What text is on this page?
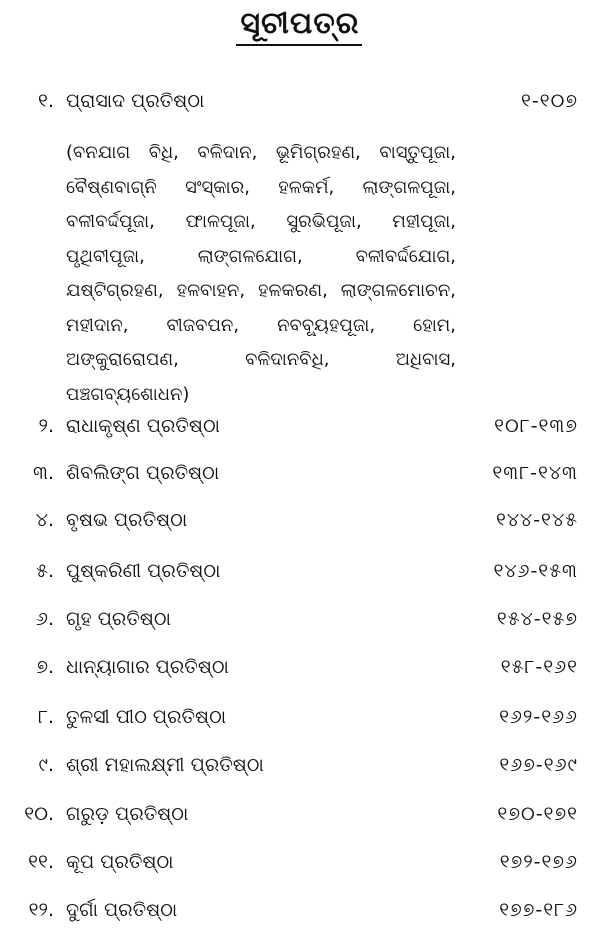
ସୂଚୀପତ୍ର
୧. ପ୍ରାସାଦ ପ୍ରତିଷ୍ଠା	୧-୧୦୭

(ବନଯାଗ ବିଧି, ବଳିଦାନ, ଭୂମିଗ୍ରହଣ, ବାସ୍ତୁପୂଜା, ବୈଷ୍ଣବାଗ୍ନି ସଂସ୍କାର, ହଳକର୍ମ, ଲାଙ୍ଗଳପୂଜା, ବଳୀବର୍ଦ୍ଦପୂଜା, ଫାଳପୂଜା, ସୁରଭିପୂଜା, ମହୀପୂଜା, ପୃଥିବୀପୂଜା, ଲାଙ୍ଗଳଯୋଗ, ବଳୀବର୍ଦ୍ଦଯୋଗ, ଯଷ୍ଟିଗ୍ରହଣ, ହଳବାହନ, ହଳକରଣ, ଲାଙ୍ଗଳମୋଚନ, ମହୀଦାନ, ବୀଜବପନ, ନବବ୍ୟୂହପୂଜା, ହୋମ, ଅଙ୍କୁରାରୋପଣ, ବଳିଦାନବିଧି, ଅଧିବାସ, ପଞ୍ଚଗବ୍ୟଶୋଧନ)

୨. ରାଧାକୃଷ୍ଣ ପ୍ରତିଷ୍ଠା	୧୦୮-୧୩୭
୩. ଶିବଲିଙ୍ଗ ପ୍ରତିଷ୍ଠା	୧୩୮-୧୪୩
୪. ବୃଷଭ ପ୍ରତିଷ୍ଠା	୧୪୪-୧୪୫
୫. ପୁଷ୍କରିଣୀ ପ୍ରତିଷ୍ଠା	୧୪୬-୧୫୩
୬. ଗୃହ ପ୍ରତିଷ୍ଠା	୧୫୪-୧୫୭
୭. ଧାନ୍ୟାଗାର ପ୍ରତିଷ୍ଠା	୧୫୮-୧୬୧
୮. ତୁଳସୀ ପୀଠ ପ୍ରତିଷ୍ଠା	୧୬୨-୧୬୬
୯. ଶ୍ରୀ ମହାଲକ୍ଷ୍ମୀ ପ୍ରତିଷ୍ଠା	୧୬୭-୧୬୯
୧୦. ଗରୁଡ଼ ପ୍ରତିଷ୍ଠା	୧୭୦-୧୭୧
୧୧. କୂପ ପ୍ରତିଷ୍ଠା	୧୭୨-୧୭୬
୧୨. ଦୁର୍ଗା ପ୍ରତିଷ୍ଠା	୧୭୭-୧୮୬
